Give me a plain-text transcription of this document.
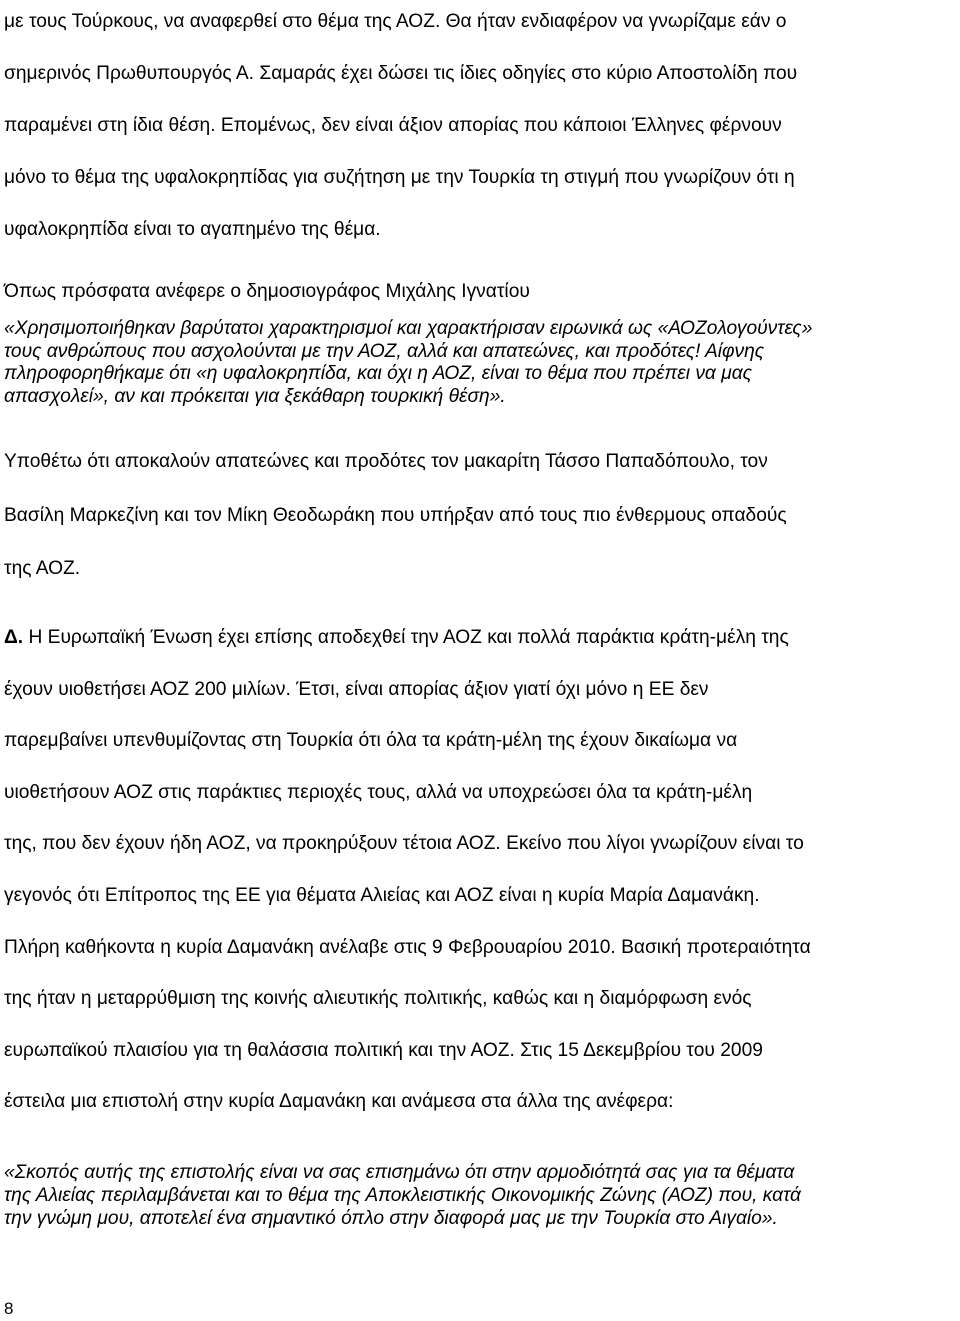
με τους Τούρκους, να αναφερθεί στο θέμα της ΑΟΖ. Θα ήταν ενδιαφέρον να γνωρίζαμε εάν ο
σημερινός Πρωθυπουργός Α. Σαμαράς έχει δώσει τις ίδιες οδηγίες στο κύριο Αποστολίδη που
παραμένει στη ίδια θέση. Επομένως, δεν είναι άξιον απορίας που κάποιοι Έλληνες φέρνουν
μόνο το θέμα της υφαλοκρηπίδας για συζήτηση με την Τουρκία τη στιγμή που γνωρίζουν ότι η
υφαλοκρηπίδα είναι το αγαπημένο της θέμα.

Όπως πρόσφατα ανέφερε ο δημοσιογράφος Μιχάλης Ιγνατίου

«Χρησιμοποιήθηκαν βαρύτατοι χαρακτηρισμοί και χαρακτήρισαν ειρωνικά ως «ΑΟΖολογούντες»
τους ανθρώπους που ασχολούνται με την ΑΟΖ, αλλά και απατεώνες, και προδότες! Αίφνης
πληροφορηθήκαμε ότι «η υφαλοκρηπίδα, και όχι η ΑΟΖ, είναι το θέμα που πρέπει να μας
απασχολεί», αν και πρόκειται για ξεκάθαρη τουρκική θέση».

Υποθέτω ότι αποκαλούν απατεώνες και προδότες τον μακαρίτη Τάσσο Παπαδόπουλο, τον
Βασίλη Μαρκεζίνη και τον Μίκη Θεοδωράκη που υπήρξαν από τους πιο ένθερμους οπαδούς
της ΑΟΖ.

Δ. Η Ευρωπαϊκή Ένωση έχει επίσης αποδεχθεί την ΑΟΖ και πολλά παράκτια κράτη-μέλη της
έχουν υιοθετήσει ΑΟΖ 200 μιλίων. Έτσι, είναι απορίας άξιον γιατί όχι μόνο η ΕΕ δεν
παρεμβαίνει υπενθυμίζοντας στη Τουρκία ότι όλα τα κράτη-μέλη της έχουν δικαίωμα να
υιοθετήσουν ΑΟΖ στις παράκτιες περιοχές τους, αλλά να υποχρεώσει όλα τα κράτη-μέλη
της, που δεν έχουν ήδη ΑΟΖ, να προκηρύξουν τέτοια ΑΟΖ. Εκείνο που λίγοι γνωρίζουν είναι το
γεγονός ότι Επίτροπος της ΕΕ για θέματα Αλιείας και ΑΟΖ είναι η κυρία Μαρία Δαμανάκη.
Πλήρη καθήκοντα η κυρία Δαμανάκη ανέλαβε στις 9 Φεβρουαρίου 2010. Βασική προτεραιότητα
της ήταν η μεταρρύθμιση της κοινής αλιευτικής πολιτικής, καθώς και η διαμόρφωση ενός
ευρωπαϊκού πλαισίου για τη θαλάσσια πολιτική και την ΑΟΖ. Στις 15 Δεκεμβρίου του 2009
έστειλα μια επιστολή στην κυρία Δαμανάκη και ανάμεσα στα άλλα της ανέφερα:

«Σκοπός αυτής της επιστολής είναι να σας επισημάνω ότι στην αρμοδιότητά σας για τα θέματα
της Αλιείας περιλαμβάνεται και το θέμα της Αποκλειστικής Οικονομικής Ζώνης (ΑΟΖ) που, κατά
την γνώμη μου, αποτελεί ένα σημαντικό όπλο στην διαφορά μας με την Τουρκία στο Αιγαίο».

8
